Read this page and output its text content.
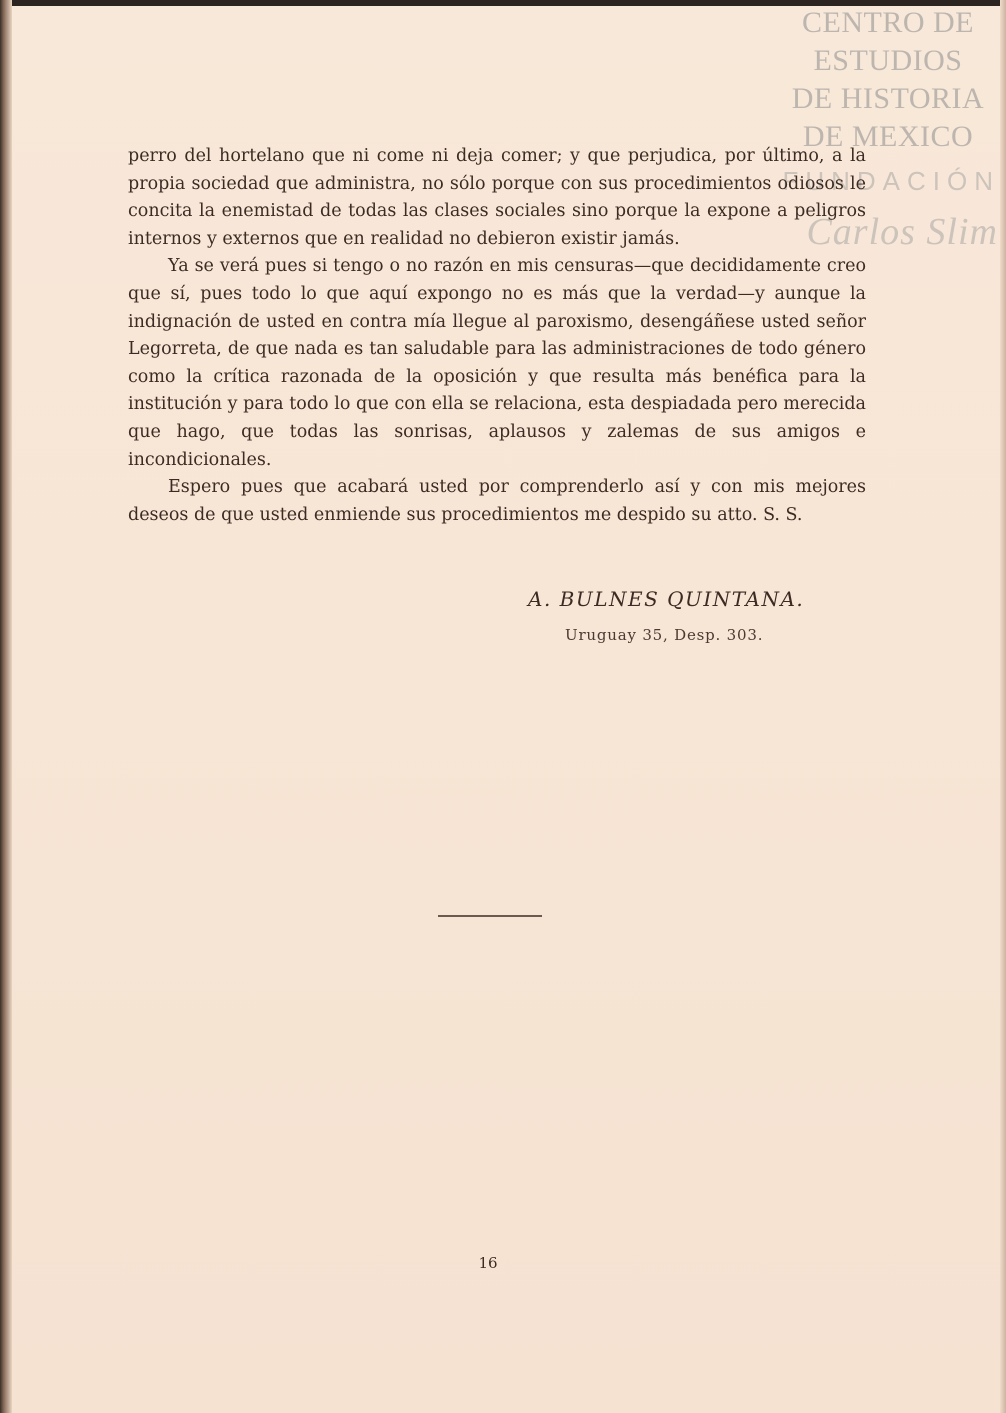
CENTRO DE
ESTUDIOS
DE HISTORIA
DE MEXICO
FUNDACIÓN
Carlos Slim

perro del hortelano que ni come ni deja comer; y que perjudica, por último, a la propia sociedad que administra, no sólo porque con sus procedimientos odiosos le concita la enemistad de todas las clases sociales sino porque la expone a peligros internos y externos que en realidad no debieron existir jamás.

Ya se verá pues si tengo o no razón en mis censuras—que decididamente creo que sí, pues todo lo que aquí expongo no es más que la verdad—y aunque la indignación de usted en contra mía llegue al paroxismo, desengáñese usted señor Legorreta, de que nada es tan saludable para las administraciones de todo género como la crítica razonada de la oposición y que resulta más benéfica para la institución y para todo lo que con ella se relaciona, esta despiadada pero merecida que hago, que todas las sonrisas, aplausos y zalemas de sus amigos e incondicionales.

Espero pues que acabará usted por comprenderlo así y con mis mejores deseos de que usted enmiende sus procedimientos me despido su atto. S. S.

A. BULNES QUINTANA.
Uruguay 35, Desp. 303.
16
